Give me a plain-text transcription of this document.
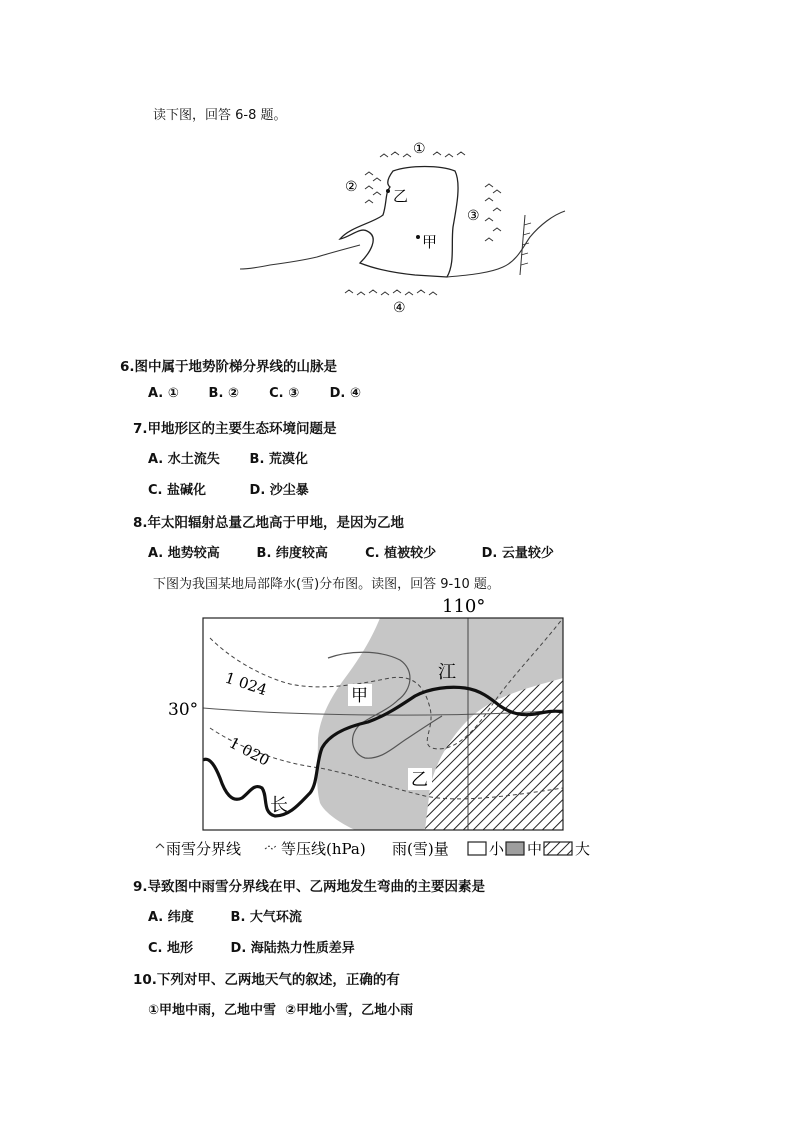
读下图，回答 6-8 题。
①
②
③
④
乙
甲
6.图中属于地势阶梯分界线的山脉是
A. ① B. ② C. ③ D. ④
7.甲地形区的主要生态环境问题是
A. 水土流失 B. 荒漠化
C. 盐碱化	D. 沙尘暴
8.年太阳辐射总量乙地高于甲地，是因为乙地
A. 地势较高	B. 纬度较高	C. 植被较少	D. 云量较少
下图为我国某地局部降水(雪)分布图。读图，回答 9-10 题。
110°
30°
1 024
1 020
甲
乙
江
长
雨雪分界线	等压线(hPa) 雨(雪)量	小 中 大
9.导致图中雨雪分界线在甲、乙两地发生弯曲的主要因素是
A. 纬度	B. 大气环流
C. 地形	D. 海陆热力性质差异
10.下列对甲、乙两地天气的叙述，正确的有
①甲地中雨，乙地中雪  ②甲地小雪，乙地小雨
